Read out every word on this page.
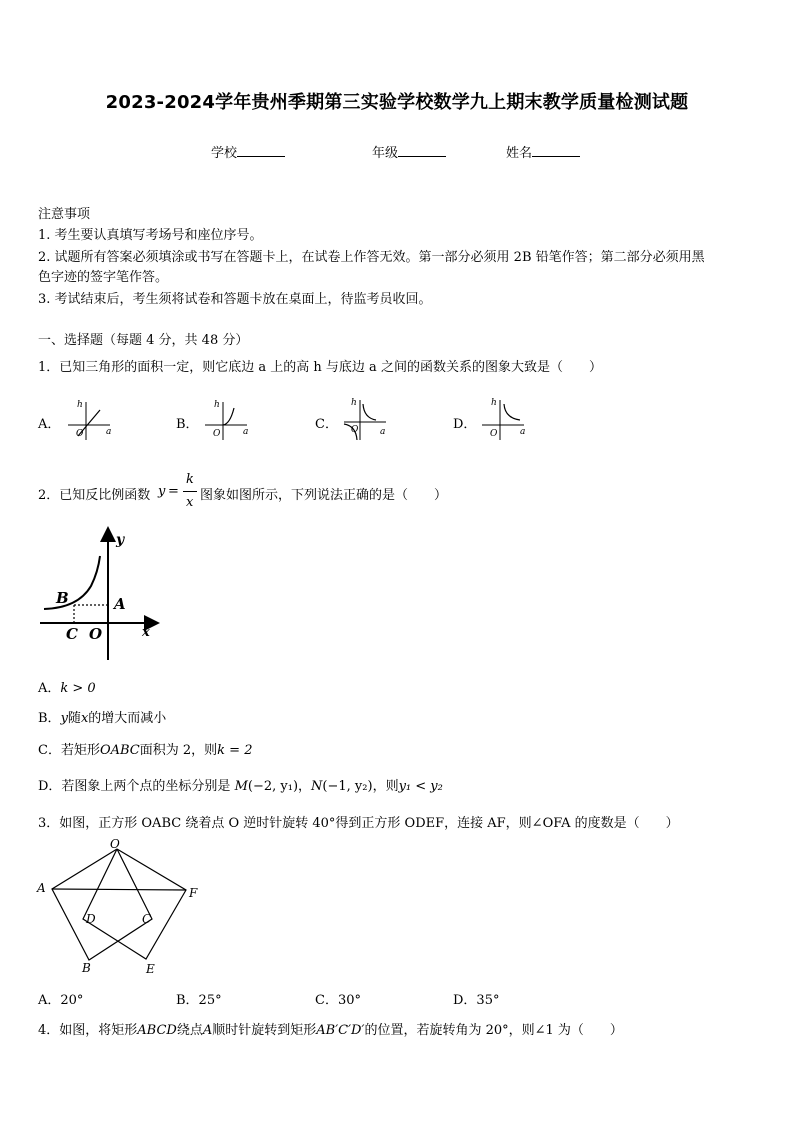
2023-2024学年贵州季期第三实验学校数学九上期末教学质量检测试题
学校	年级	姓名
注意事项
1. 考生要认真填写考场号和座位序号。
2. 试题所有答案必须填涂或书写在答题卡上，在试卷上作答无效。第一部分必须用 2B 铅笔作答；第二部分必须用黑
色字迹的签字笔作答。
3. 考试结束后，考生须将试卷和答题卡放在桌面上，待监考员收回。
一、选择题（每题 4 分，共 48 分）
1．已知三角形的面积一定，则它底边 a 上的高 h 与底边 a 之间的函数关系的图象大致是（　　）
A．
h
a
O
B．
h
a
O
C．
h
a
O	D．
h
a
O
2．已知反比例函数 y =
k
x 图象如图所示，下列说法正确的是（　　）
y
x
B	A
C O
A．k > 0
B．y随x的增大而减小
C．若矩形OABC面积为 2，则k = 2
D．若图象上两个点的坐标分别是 M(−2, y₁)，N(−1, y₂)，则y₁ < y₂
3．如图，正方形 OABC 绕着点 O 逆时针旋转 40°得到正方形 ODEF，连接 AF，则∠OFA 的度数是（　　）
O
A	F
D	C
B	E
A．20°	B．25°	C．30°	D．35°
4．如图，将矩形ABCD绕点A顺时针旋转到矩形AB′C′D′的位置，若旋转角为 20°，则∠1 为（　　）
